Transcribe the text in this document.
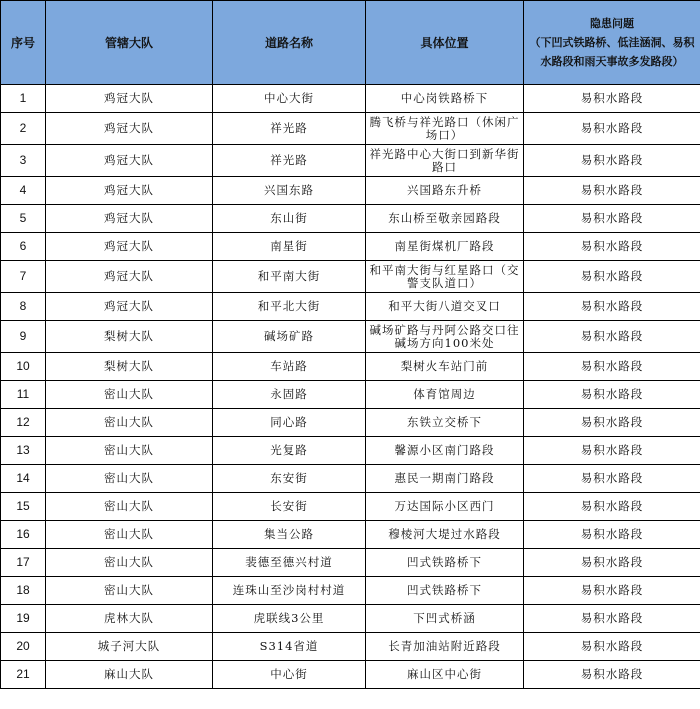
序号	管辖大队	道路名称	具体位置	隐患问题
（下凹式铁路桥、低洼涵洞、易积水路段和雨天事故多发路段）
1	鸡冠大队	中心大街	中心岗铁路桥下	易积水路段
2	鸡冠大队	祥光路	腾飞桥与祥光路口（休闲广场口）	易积水路段
3	鸡冠大队	祥光路	祥光路中心大街口到新华街路口	易积水路段
4	鸡冠大队	兴国东路	兴国路东升桥	易积水路段
5	鸡冠大队	东山街	东山桥至敬亲园路段	易积水路段
6	鸡冠大队	南星街	南星街煤机厂路段	易积水路段
7	鸡冠大队	和平南大街	和平南大街与红星路口（交警支队道口）	易积水路段
8	鸡冠大队	和平北大街	和平大街八道交叉口	易积水路段
9	梨树大队	碱场矿路	碱场矿路与丹阿公路交口往碱场方向100米处	易积水路段
10	梨树大队	车站路	梨树火车站门前	易积水路段
11	密山大队	永固路	体育馆周边	易积水路段
12	密山大队	同心路	东铁立交桥下	易积水路段
13	密山大队	光复路	馨源小区南门路段	易积水路段
14	密山大队	东安街	惠民一期南门路段	易积水路段
15	密山大队	长安街	万达国际小区西门	易积水路段
16	密山大队	集当公路	穆棱河大堤过水路段	易积水路段
17	密山大队	裴德至德兴村道	凹式铁路桥下	易积水路段
18	密山大队	连珠山至沙岗村村道	凹式铁路桥下	易积水路段
19	虎林大队	虎联线3公里	下凹式桥涵	易积水路段
20	城子河大队	S314省道	长青加油站附近路段	易积水路段
21	麻山大队	中心街	麻山区中心街	易积水路段
